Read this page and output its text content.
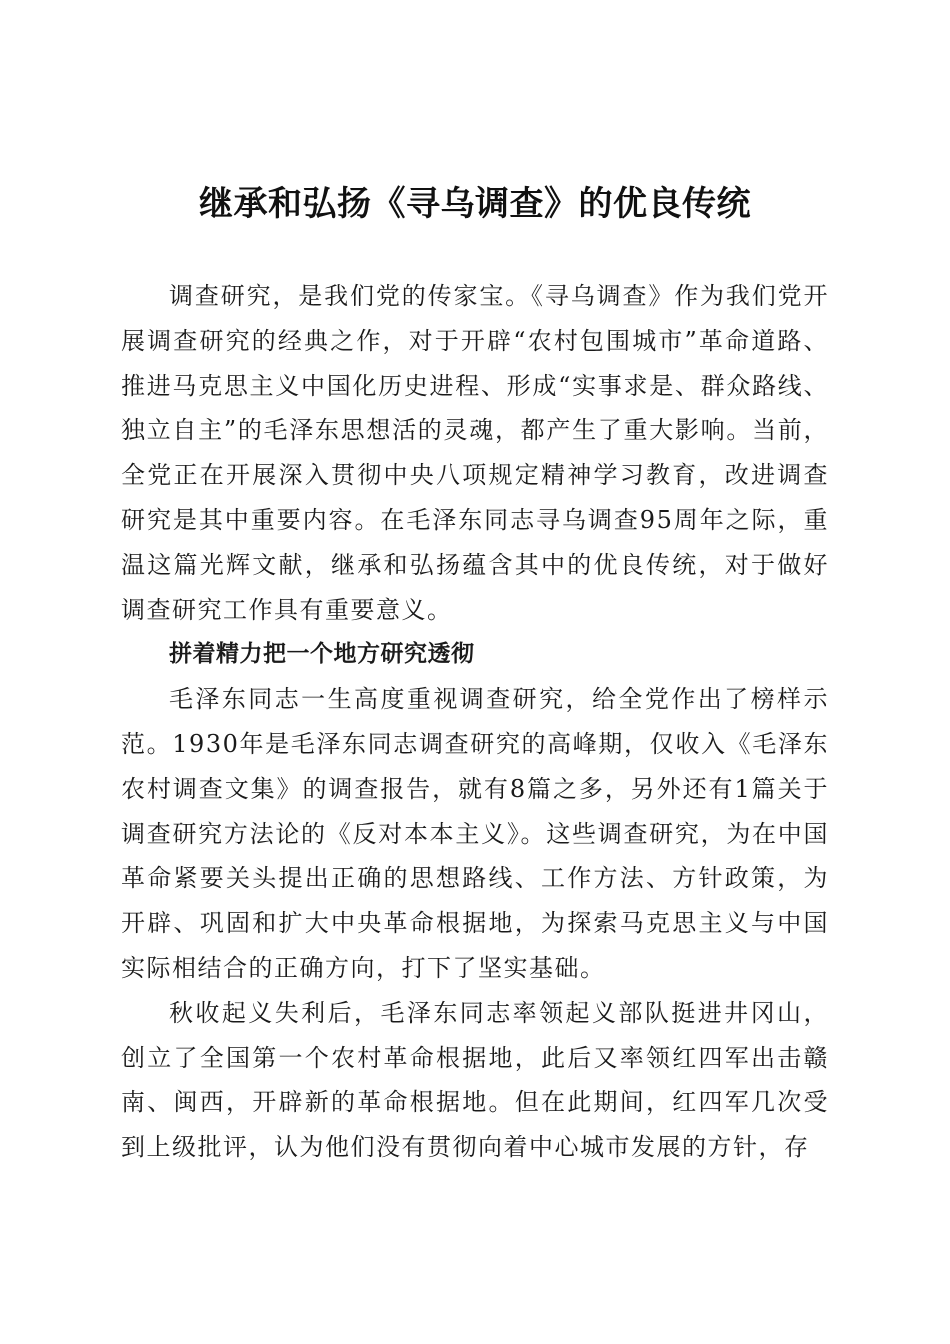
继承和弘扬《寻乌调查》的优良传统

调查研究，是我们党的传家宝。《寻乌调查》作为我们党开展调查研究的经典之作，对于开辟“农村包围城市”革命道路、推进马克思主义中国化历史进程、形成“实事求是、群众路线、独立自主”的毛泽东思想活的灵魂，都产生了重大影响。当前，全党正在开展深入贯彻中央八项规定精神学习教育，改进调查研究是其中重要内容。在毛泽东同志寻乌调查95周年之际，重温这篇光辉文献，继承和弘扬蕴含其中的优良传统，对于做好调查研究工作具有重要意义。

拼着精力把一个地方研究透彻

毛泽东同志一生高度重视调查研究，给全党作出了榜样示范。1930年是毛泽东同志调查研究的高峰期，仅收入《毛泽东农村调查文集》的调查报告，就有8篇之多，另外还有1篇关于调查研究方法论的《反对本本主义》。这些调查研究，为在中国革命紧要关头提出正确的思想路线、工作方法、方针政策，为开辟、巩固和扩大中央革命根据地，为探索马克思主义与中国实际相结合的正确方向，打下了坚实基础。

秋收起义失利后，毛泽东同志率领起义部队挺进井冈山，创立了全国第一个农村革命根据地，此后又率领红四军出击赣南、闽西，开辟新的革命根据地。但在此期间，红四军几次受到上级批评，认为他们没有贯彻向着中心城市发展的方针，存
